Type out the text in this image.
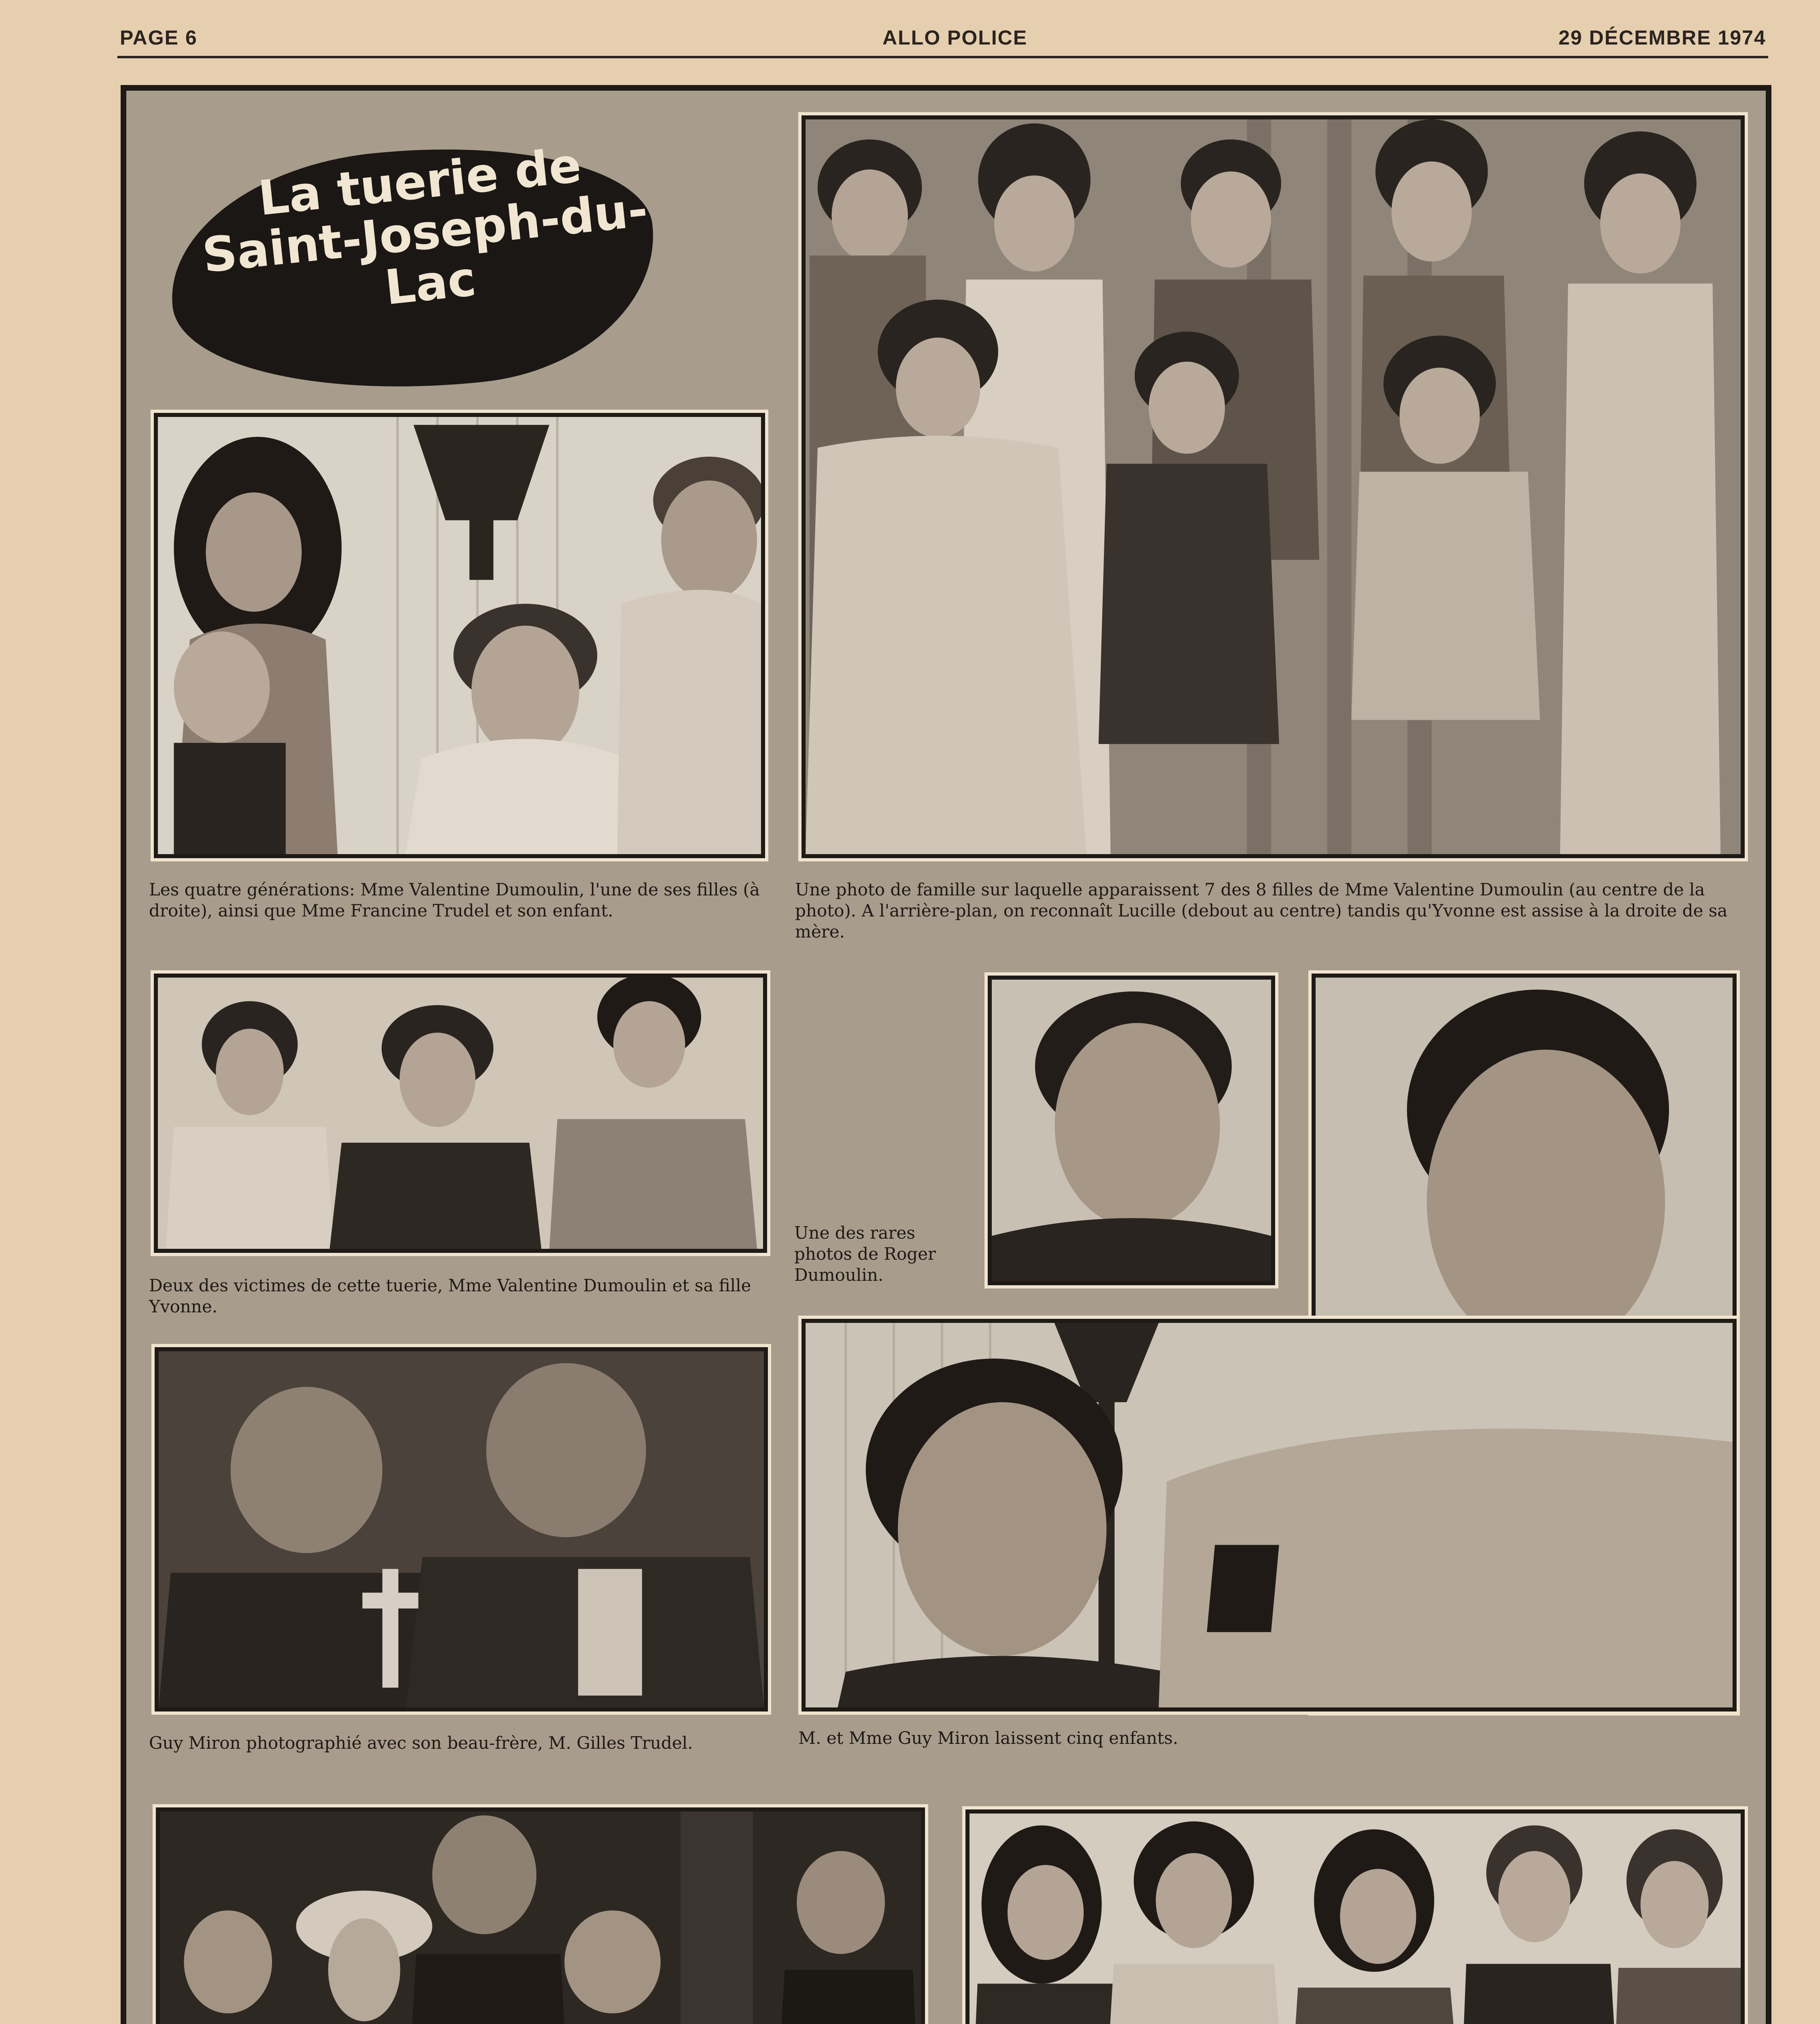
PAGE 6	ALLO POLICE	29 DÉCEMBRE 1974
La tuerie de Saint-Joseph-du-Lac
Les quatre générations: Mme Valentine Dumoulin, l'une de ses filles (à droite), ainsi que Mme Francine Trudel et son enfant.
Une photo de famille sur laquelle apparaissent 7 des 8 filles de Mme Valentine Dumoulin (au centre de la photo). A l'arrière-plan, on reconnaît Lucille (debout au centre) tandis qu'Yvonne est assise à la droite de sa mère.
Deux des victimes de cette tuerie, Mme Valentine Dumoulin et sa fille Yvonne.
Une des rares photos de Roger Dumoulin.
Guy Miron photographié avec son beau-frère, M. Gilles Trudel.	M. et Mme Guy Miron laissent cinq enfants.
